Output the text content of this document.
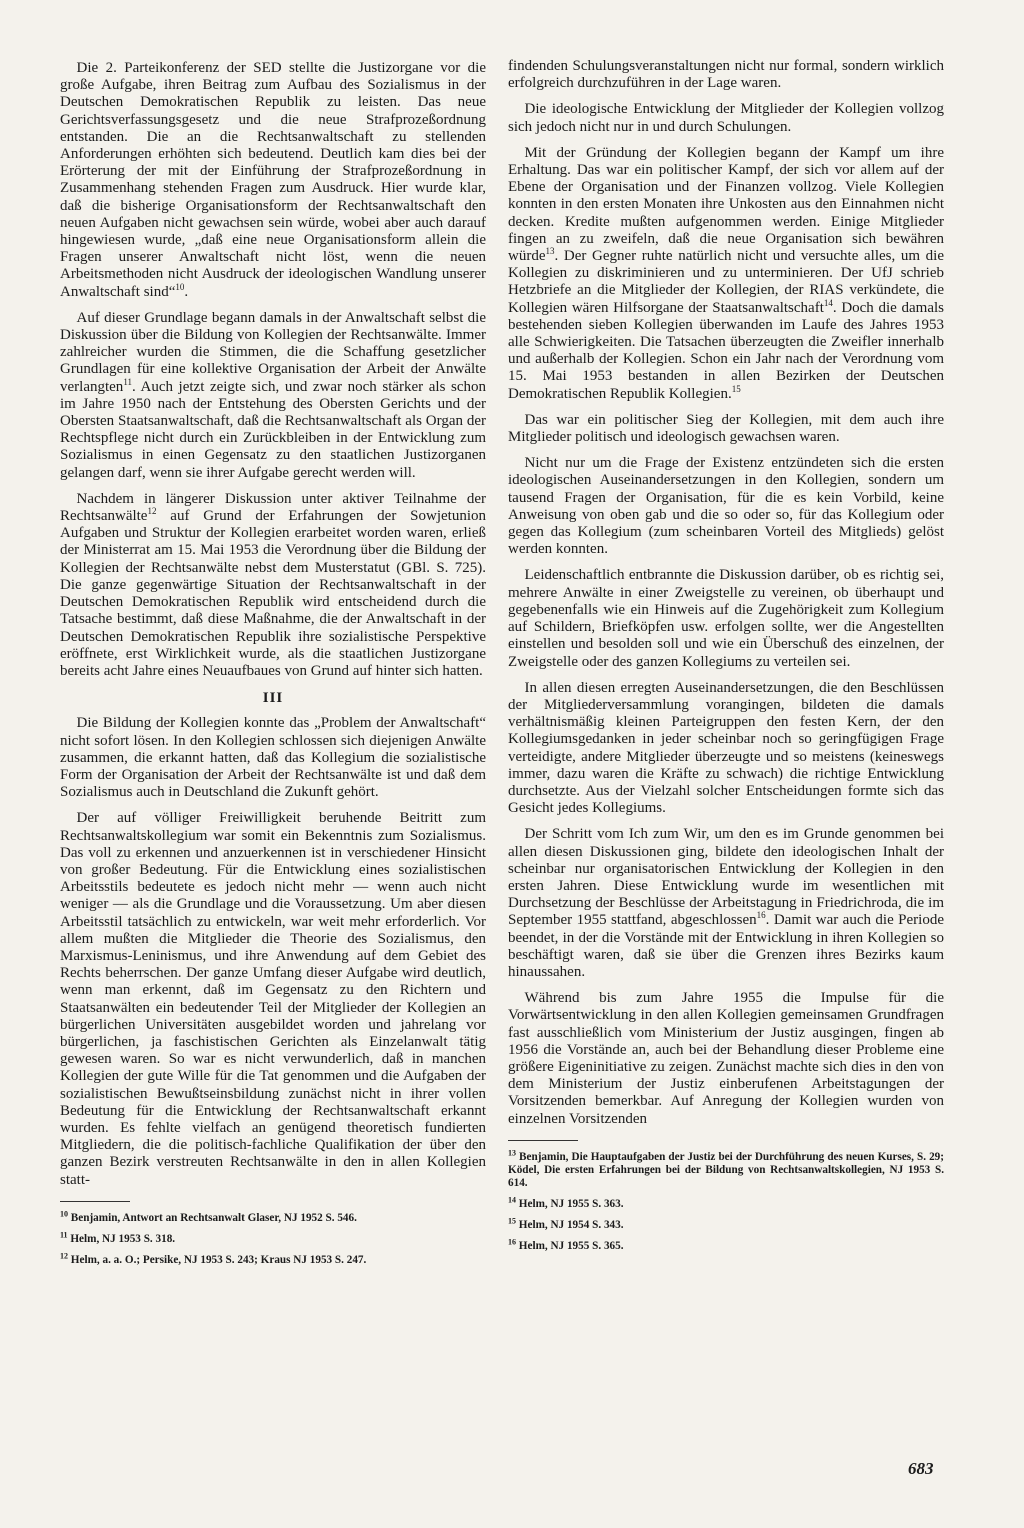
Die 2. Parteikonferenz der SED stellte die Justizorgane vor die große Aufgabe, ihren Beitrag zum Aufbau des Sozialismus in der Deutschen Demokratischen Republik zu leisten. Das neue Gerichtsverfassungsgesetz und die neue Strafprozeßordnung entstanden. Die an die Rechtsanwaltschaft zu stellenden Anforderungen erhöhten sich bedeutend. Deutlich kam dies bei der Erörterung der mit der Einführung der Strafprozeßordnung in Zusammenhang stehenden Fragen zum Ausdruck. Hier wurde klar, daß die bisherige Organisationsform der Rechtsanwaltschaft den neuen Aufgaben nicht gewachsen sein würde, wobei aber auch darauf hingewiesen wurde, „daß eine neue Organisationsform allein die Fragen unserer Anwaltschaft nicht löst, wenn die neuen Arbeitsmethoden nicht Ausdruck der ideologischen Wandlung unserer Anwaltschaft sind“$^{10}$.

Auf dieser Grundlage begann damals in der Anwaltschaft selbst die Diskussion über die Bildung von Kollegien der Rechtsanwälte. Immer zahlreicher wurden die Stimmen, die die Schaffung gesetzlicher Grundlagen für eine kollektive Organisation der Arbeit der Anwälte verlangten$^{11}$. Auch jetzt zeigte sich, und zwar noch stärker als schon im Jahre 1950 nach der Entstehung des Obersten Gerichts und der Obersten Staatsanwaltschaft, daß die Rechtsanwaltschaft als Organ der Rechtspflege nicht durch ein Zurückbleiben in der Entwicklung zum Sozialismus in einen Gegensatz zu den staatlichen Justizorganen gelangen darf, wenn sie ihrer Aufgabe gerecht werden will.

Nachdem in längerer Diskussion unter aktiver Teilnahme der Rechtsanwälte$^{12}$ auf Grund der Erfahrungen der Sowjetunion Aufgaben und Struktur der Kollegien erarbeitet worden waren, erließ der Ministerrat am 15. Mai 1953 die Verordnung über die Bildung der Kollegien der Rechtsanwälte nebst dem Musterstatut (GBl. S. 725). Die ganze gegenwärtige Situation der Rechtsanwaltschaft in der Deutschen Demokratischen Republik wird entscheidend durch die Tatsache bestimmt, daß diese Maßnahme, die der Anwaltschaft in der Deutschen Demokratischen Republik ihre sozialistische Perspektive eröffnete, erst Wirklichkeit wurde, als die staatlichen Justizorgane bereits acht Jahre eines Neuaufbaues von Grund auf hinter sich hatten.

III

Die Bildung der Kollegien konnte das „Problem der Anwaltschaft“ nicht sofort lösen. In den Kollegien schlossen sich diejenigen Anwälte zusammen, die erkannt hatten, daß das Kollegium die sozialistische Form der Organisation der Arbeit der Rechtsanwälte ist und daß dem Sozialismus auch in Deutschland die Zukunft gehört.

Der auf völliger Freiwilligkeit beruhende Beitritt zum Rechtsanwaltskollegium war somit ein Bekenntnis zum Sozialismus. Das voll zu erkennen und anzuerkennen ist in verschiedener Hinsicht von großer Bedeutung. Für die Entwicklung eines sozialistischen Arbeitsstils bedeutete es jedoch nicht mehr — wenn auch nicht weniger — als die Grundlage und die Voraussetzung. Um aber diesen Arbeitsstil tatsächlich zu entwickeln, war weit mehr erforderlich. Vor allem mußten die Mitglieder die Theorie des Sozialismus, den Marxismus-Leninismus, und ihre Anwendung auf dem Gebiet des Rechts beherrschen. Der ganze Umfang dieser Aufgabe wird deutlich, wenn man erkennt, daß im Gegensatz zu den Richtern und Staatsanwälten ein bedeutender Teil der Mitglieder der Kollegien an bürgerlichen Universitäten ausgebildet worden und jahrelang vor bürgerlichen, ja faschistischen Gerichten als Einzelanwalt tätig gewesen waren. So war es nicht verwunderlich, daß in manchen Kollegien der gute Wille für die Tat genommen und die Aufgaben der sozialistischen Bewußtseinsbildung zunächst nicht in ihrer vollen Bedeutung für die Entwicklung der Rechtsanwaltschaft erkannt wurden. Es fehlte vielfach an genügend theoretisch fundierten Mitgliedern, die die politisch-fachliche Qualifikation der über den ganzen Bezirk verstreuten Rechtsanwälte in den in allen Kollegien statt-

$^{10}$ Benjamin, Antwort an Rechtsanwalt Glaser, NJ 1952 S. 546.

$^{11}$ Helm, NJ 1953 S. 318.

$^{12}$ Helm, a. a. O.; Persike, NJ 1953 S. 243; Kraus NJ 1953 S. 247.

findenden Schulungsveranstaltungen nicht nur formal, sondern wirklich erfolgreich durchzuführen in der Lage waren.

Die ideologische Entwicklung der Mitglieder der Kollegien vollzog sich jedoch nicht nur in und durch Schulungen.

Mit der Gründung der Kollegien begann der Kampf um ihre Erhaltung. Das war ein politischer Kampf, der sich vor allem auf der Ebene der Organisation und der Finanzen vollzog. Viele Kollegien konnten in den ersten Monaten ihre Unkosten aus den Einnahmen nicht decken. Kredite mußten aufgenommen werden. Einige Mitglieder fingen an zu zweifeln, daß die neue Organisation sich bewähren würde$^{13}$. Der Gegner ruhte natürlich nicht und versuchte alles, um die Kollegien zu diskriminieren und zu unterminieren. Der UfJ schrieb Hetzbriefe an die Mitglieder der Kollegien, der RIAS verkündete, die Kollegien wären Hilfsorgane der Staatsanwaltschaft$^{14}$. Doch die damals bestehenden sieben Kollegien überwanden im Laufe des Jahres 1953 alle Schwierigkeiten. Die Tatsachen überzeugten die Zweifler innerhalb und außerhalb der Kollegien. Schon ein Jahr nach der Verordnung vom 15. Mai 1953 bestanden in allen Bezirken der Deutschen Demokratischen Republik Kollegien.$^{15}$

Das war ein politischer Sieg der Kollegien, mit dem auch ihre Mitglieder politisch und ideologisch gewachsen waren.

Nicht nur um die Frage der Existenz entzündeten sich die ersten ideologischen Auseinandersetzungen in den Kollegien, sondern um tausend Fragen der Organisation, für die es kein Vorbild, keine Anweisung von oben gab und die so oder so, für das Kollegium oder gegen das Kollegium (zum scheinbaren Vorteil des Mitglieds) gelöst werden konnten.

Leidenschaftlich entbrannte die Diskussion darüber, ob es richtig sei, mehrere Anwälte in einer Zweigstelle zu vereinen, ob überhaupt und gegebenenfalls wie ein Hinweis auf die Zugehörigkeit zum Kollegium auf Schildern, Briefköpfen usw. erfolgen sollte, wer die Angestellten einstellen und besolden soll und wie ein Überschuß des einzelnen, der Zweigstelle oder des ganzen Kollegiums zu verteilen sei.

In allen diesen erregten Auseinandersetzungen, die den Beschlüssen der Mitgliederversammlung vorangingen, bildeten die damals verhältnismäßig kleinen Parteigruppen den festen Kern, der den Kollegiumsgedanken in jeder scheinbar noch so geringfügigen Frage verteidigte, andere Mitglieder überzeugte und so meistens (keineswegs immer, dazu waren die Kräfte zu schwach) die richtige Entwicklung durchsetzte. Aus der Vielzahl solcher Entscheidungen formte sich das Gesicht jedes Kollegiums.

Der Schritt vom Ich zum Wir, um den es im Grunde genommen bei allen diesen Diskussionen ging, bildete den ideologischen Inhalt der scheinbar nur organisatorischen Entwicklung der Kollegien in den ersten Jahren. Diese Entwicklung wurde im wesentlichen mit Durchsetzung der Beschlüsse der Arbeitstagung in Friedrichroda, die im September 1955 stattfand, abgeschlossen$^{16}$. Damit war auch die Periode beendet, in der die Vorstände mit der Entwicklung in ihren Kollegien so beschäftigt waren, daß sie über die Grenzen ihres Bezirks kaum hinaussahen.

Während bis zum Jahre 1955 die Impulse für die Vorwärtsentwicklung in den allen Kollegien gemeinsamen Grundfragen fast ausschließlich vom Ministerium der Justiz ausgingen, fingen ab 1956 die Vorstände an, auch bei der Behandlung dieser Probleme eine größere Eigeninitiative zu zeigen. Zunächst machte sich dies in den von dem Ministerium der Justiz einberufenen Arbeitstagungen der Vorsitzenden bemerkbar. Auf Anregung der Kollegien wurden von einzelnen Vorsitzenden

$^{13}$ Benjamin, Die Hauptaufgaben der Justiz bei der Durchführung des neuen Kurses, S. 29; Ködel, Die ersten Erfahrungen bei der Bildung von Rechtsanwaltskollegien, NJ 1953 S. 614.

$^{14}$ Helm, NJ 1955 S. 363.

$^{15}$ Helm, NJ 1954 S. 343.

$^{16}$ Helm, NJ 1955 S. 365.

683
